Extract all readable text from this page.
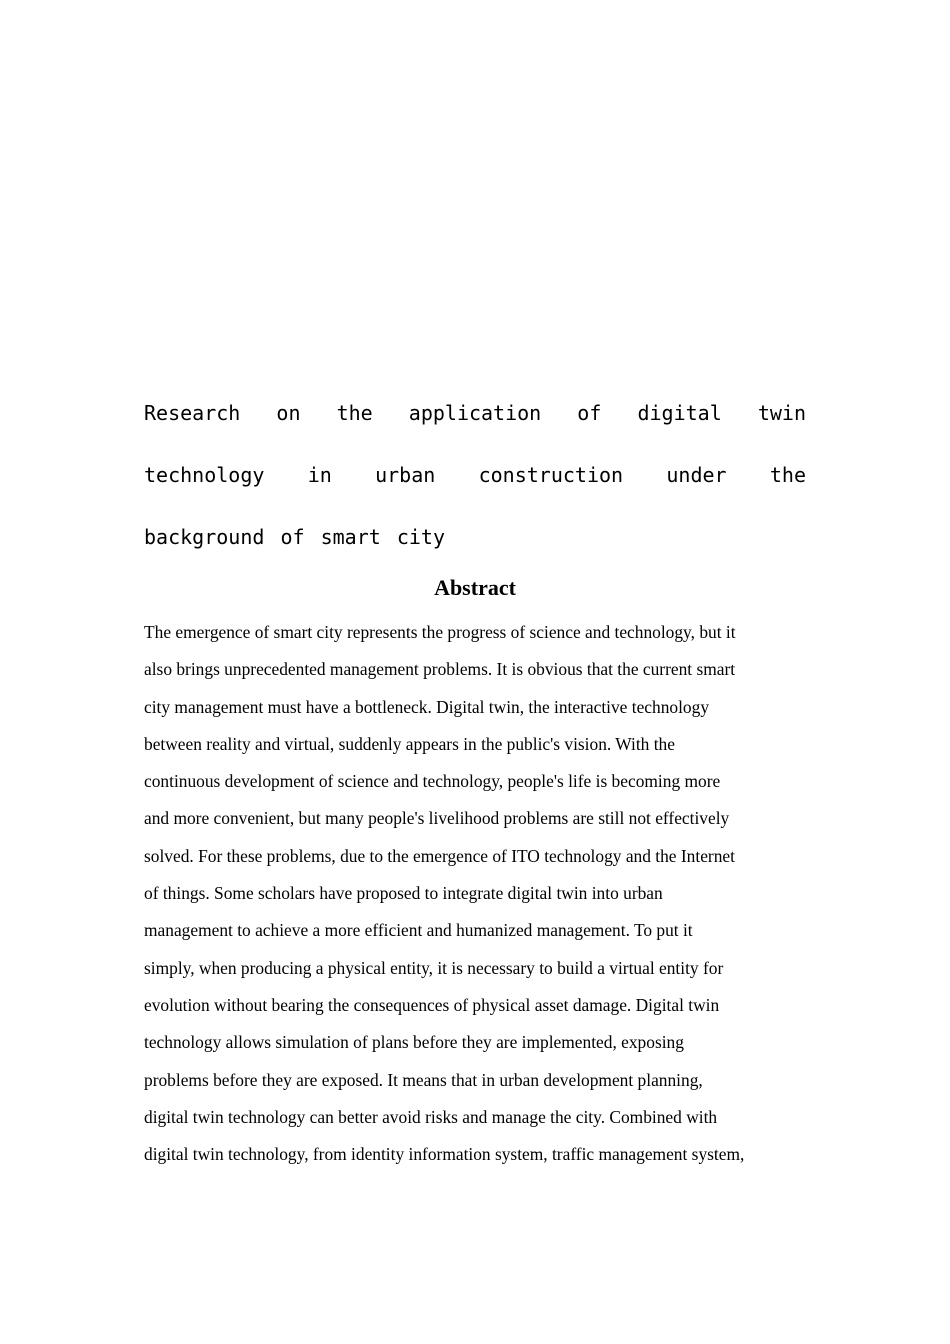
Research on the application of digital twin technology in urban construction under the background of smart city
Abstract
The emergence of smart city represents the progress of science and technology, but it
also brings unprecedented management problems. It is obvious that the current smart
city management must have a bottleneck. Digital twin, the interactive technology
between reality and virtual, suddenly appears in the public's vision. With the
continuous development of science and technology, people's life is becoming more
and more convenient, but many people's livelihood problems are still not effectively
solved. For these problems, due to the emergence of ITO technology and the Internet
of things. Some scholars have proposed to integrate digital twin into urban
management to achieve a more efficient and humanized management. To put it
simply, when producing a physical entity, it is necessary to build a virtual entity for
evolution without bearing the consequences of physical asset damage. Digital twin
technology allows simulation of plans before they are implemented, exposing
problems before they are exposed. It means that in urban development planning,
digital twin technology can better avoid risks and manage the city. Combined with
digital twin technology, from identity information system, traffic management system,
